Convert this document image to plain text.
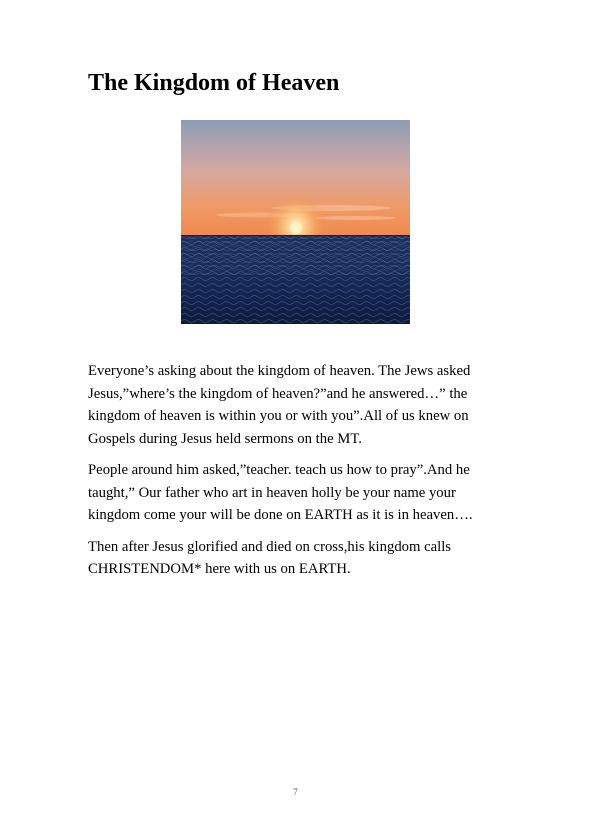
The Kingdom of Heaven

Everyone’s asking about the kingdom of heaven. The Jews asked Jesus,”where’s the kingdom of heaven?”and he answered…” the kingdom of heaven is within you or with you”.All of us knew on Gospels during Jesus held sermons on the MT.

People around him asked,”teacher. teach us how to pray”.And he taught,” Our father who art in heaven holly be your name your kingdom come your will be done on EARTH as it is in heaven….

Then after Jesus glorified and died on cross,his kingdom calls CHRISTENDOM* here with us on EARTH.

7
